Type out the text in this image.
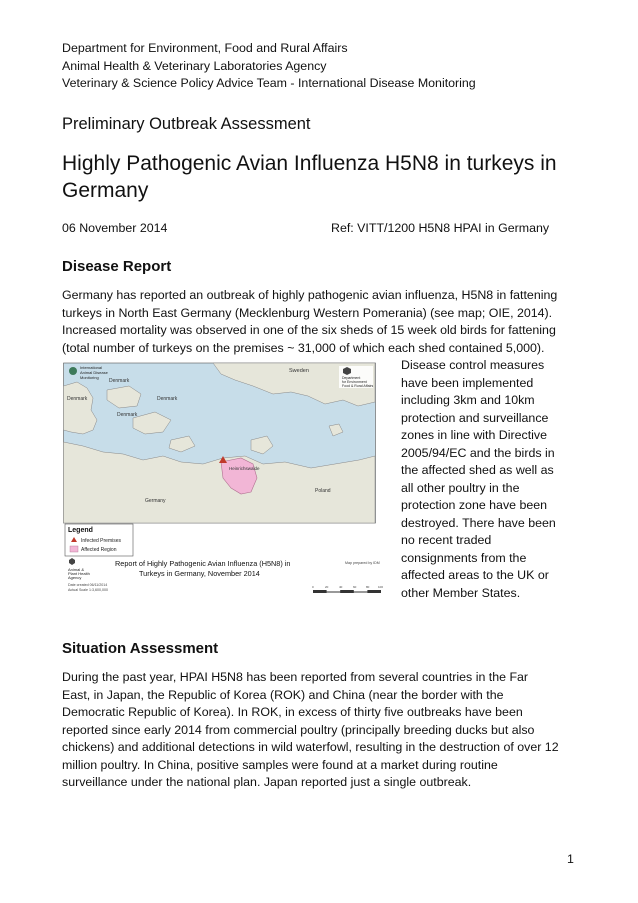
Department for Environment, Food and Rural Affairs
Animal Health & Veterinary Laboratories Agency
Veterinary & Science Policy Advice Team - International Disease Monitoring
Preliminary Outbreak Assessment
Highly Pathogenic Avian Influenza H5N8 in turkeys in
Germany
06 November 2014	Ref: VITT/1200 H5N8 HPAI in Germany
Disease Report
Germany has reported an outbreak of highly pathogenic avian influenza, H5N8 in fattening
turkeys in North East Germany (Mecklenburg Western Pomerania) (see map; OIE, 2014).
Increased mortality was observed in one of the six sheds of 15 week old birds for fattening
(total number of turkeys on the premises ~ 31,000 of which each shed contained 5,000).
Disease control measures
have been implemented
including 3km and 10km
protection and surveillance
zones in line with Directive
2005/94/EC and the birds in
the affected shed as well as
all other poultry in the
protection zone have been
destroyed. There have been
no recent traded
consignments from the
affected areas to the UK or
other Member States.
Sweden
Denmark
Denmark	Denmark
Denmark
Germany
Poland
Heinrichswalde
International
Animal Disease
Monitoring	Department
for Environment
Food & Rural Affairs
Legend
Infected Premises
Affected Region
Animal &
Plant Health
Agency
Date created 06/11/2014
Actual Scale 1:3,600,000
Report of Highly Pathogenic Avian Influenza (H5N8) in
Turkeys in Germany, November 2014
Map prepared by IDM
0	20	40	60	80	100
Situation Assessment
During the past year, HPAI H5N8 has been reported from several countries in the Far
East, in Japan, the Republic of Korea (ROK) and China (near the border with the
Democratic Republic of Korea). In ROK, in excess of thirty five outbreaks have been
reported since early 2014 from commercial poultry (principally breeding ducks but also
chickens) and additional detections in wild waterfowl, resulting in the destruction of over 12
million poultry. In China, positive samples were found at a market during routine
surveillance under the national plan. Japan reported just a single outbreak.
1
